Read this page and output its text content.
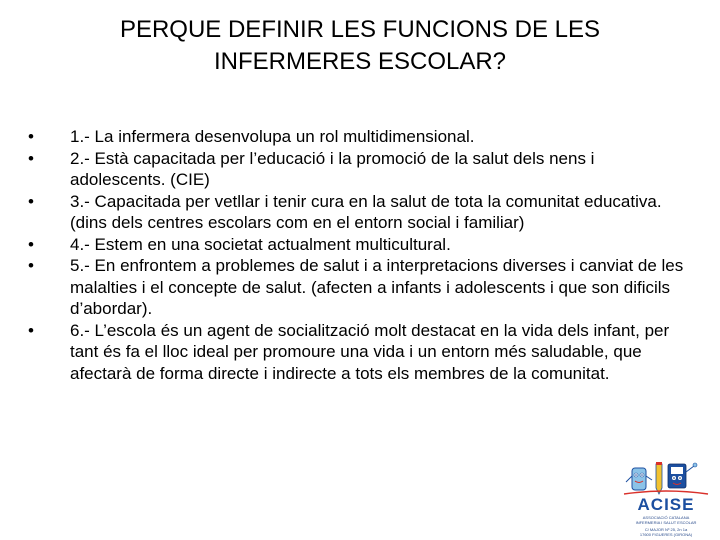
PERQUE DEFINIR LES FUNCIONS DE LES
INFERMERES ESCOLAR?
•	1.- La infermera desenvolupa un rol multidimensional.
•	2.- Està capacitada per l’educació i la promoció de la salut dels nens i adolescents. (CIE)
•	3.- Capacitada per vetllar i tenir cura en la salut de tota la comunitat educativa. (dins dels centres escolars com en el entorn social i familiar)
•	4.- Estem en una societat actualment multicultural.
•	5.- En enfrontem a problemes de salut i a interpretacions diverses i canviat de les malalties i el concepte de salut. (afecten a infants i adolescents i que son dificils d’abordar).
•	6.- L’escola és un agent de socialització molt destacat en la vida dels infant, per tant és fa el lloc ideal per promoure una vida i un entorn més saludable, que afectarà de forma directe i indirecte a tots els membres de la comunitat.
ACISE
ASSOCIACIÓ CATALANA
INFERMERIA I SALUT ESCOLAR
C/ MAJOR Nº 25, 2n 1a
17600 FIGUERES (GIRONA)
